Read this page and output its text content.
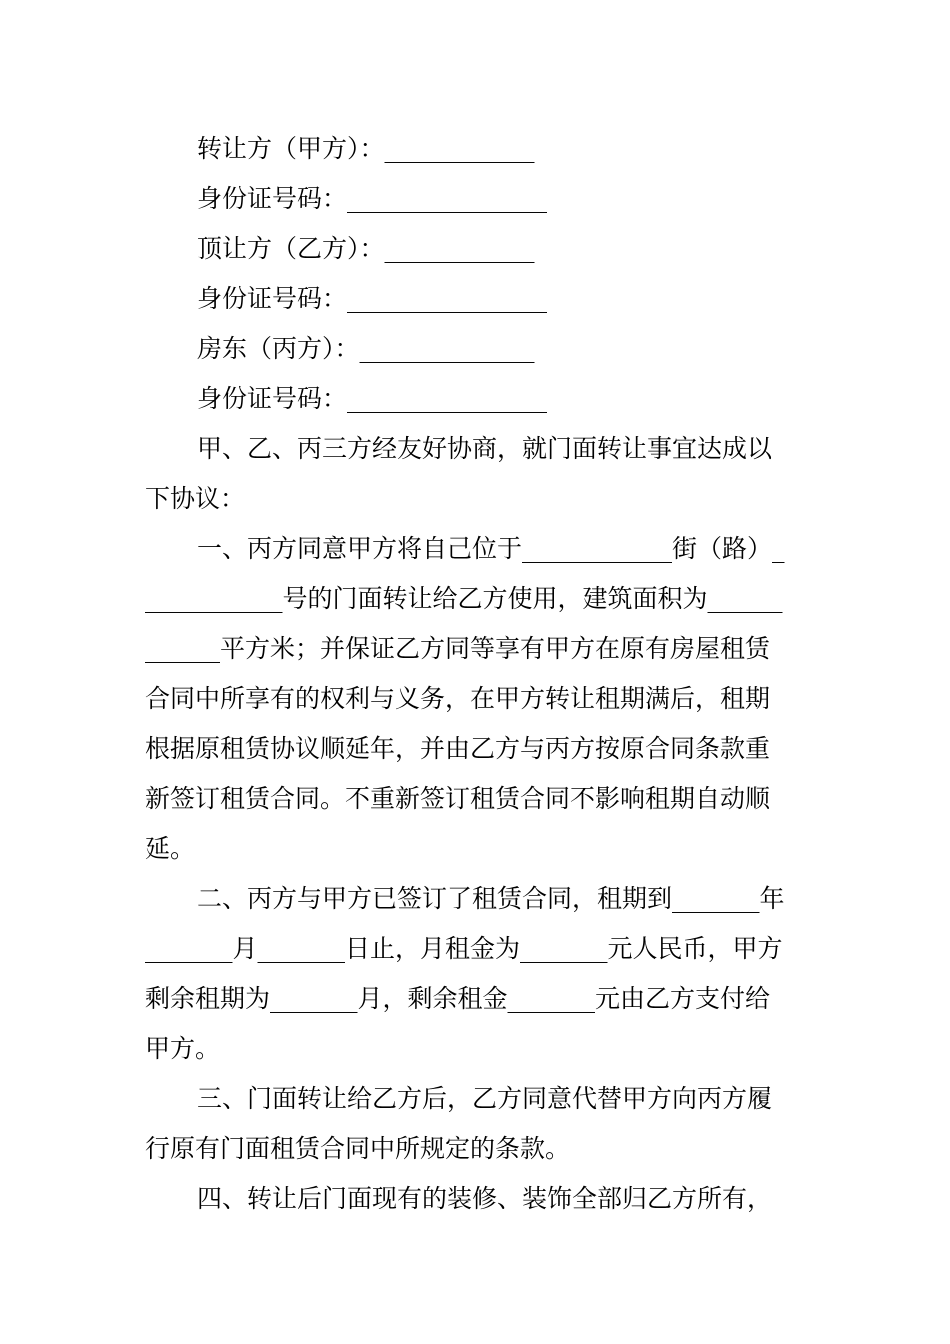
转让方（甲方）：____________
身份证号码：________________
顶让方（乙方）：____________
身份证号码：________________
房东（丙方）：______________
身份证号码：________________
甲、乙、丙三方经友好协商，就门面转让事宜达成以
下协议：
一、丙方同意甲方将自己位于____________街（路）_
___________号的门面转让给乙方使用，建筑面积为______
______平方米；并保证乙方同等享有甲方在原有房屋租赁
合同中所享有的权利与义务，在甲方转让租期满后，租期
根据原租赁协议顺延年，并由乙方与丙方按原合同条款重
新签订租赁合同。不重新签订租赁合同不影响租期自动顺
延。
二、丙方与甲方已签订了租赁合同，租期到_______年
_______月_______日止，月租金为_______元人民币，甲方
剩余租期为_______月，剩余租金_______元由乙方支付给
甲方。
三、门面转让给乙方后，乙方同意代替甲方向丙方履
行原有门面租赁合同中所规定的条款。
四、转让后门面现有的装修、装饰全部归乙方所有，
